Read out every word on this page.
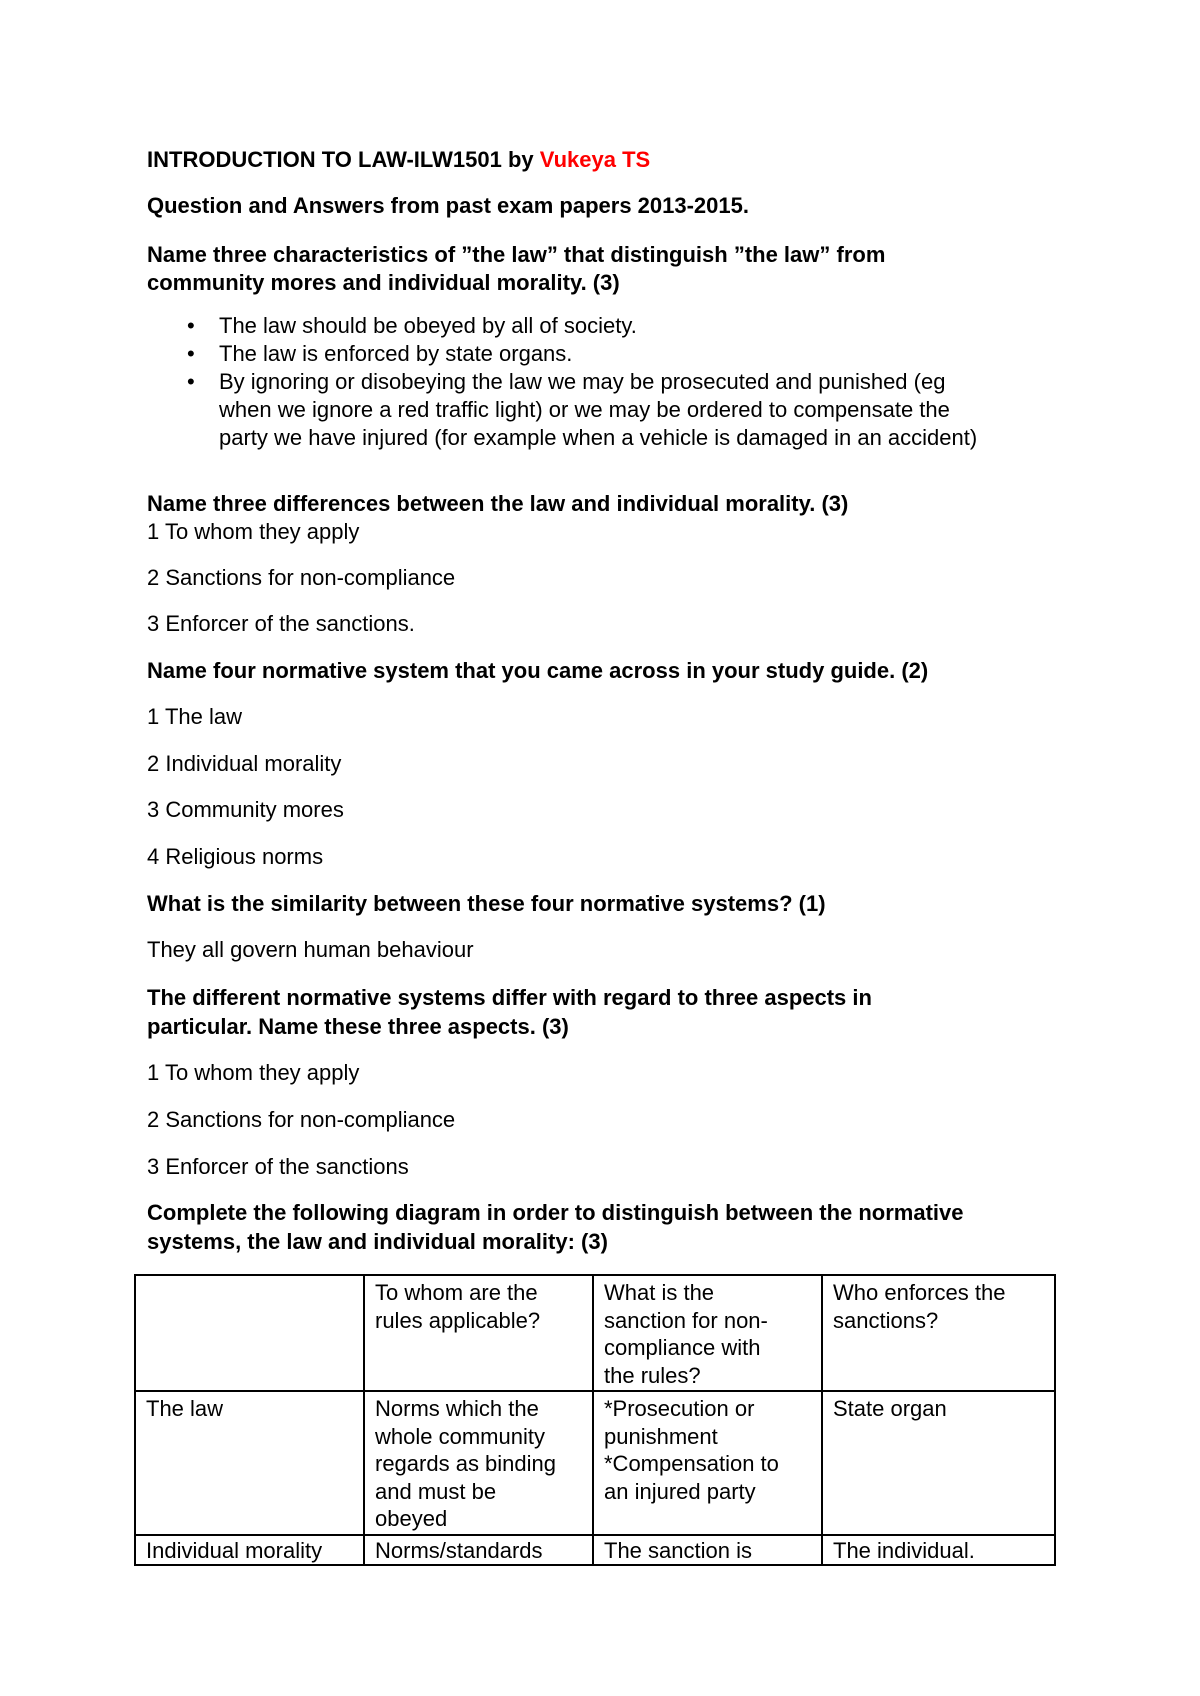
INTRODUCTION TO LAW-ILW1501 by Vukeya TS
Question and Answers from past exam papers 2013-2015.
Name three characteristics of ”the law” that distinguish ”the law” from
community mores and individual morality. (3)
• The law should be obeyed by all of society.
• The law is enforced by state organs.
• By ignoring or disobeying the law we may be prosecuted and punished (eg
when we ignore a red traffic light) or we may be ordered to compensate the
party we have injured (for example when a vehicle is damaged in an accident)
Name three differences between the law and individual morality. (3)
1 To whom they apply
2 Sanctions for non-compliance
3 Enforcer of the sanctions.
Name four normative system that you came across in your study guide. (2)
1 The law
2 Individual morality
3 Community mores
4 Religious norms
What is the similarity between these four normative systems? (1)
They all govern human behaviour
The different normative systems differ with regard to three aspects in
particular. Name these three aspects. (3)
1 To whom they apply
2 Sanctions for non-compliance
3 Enforcer of the sanctions
Complete the following diagram in order to distinguish between the normative
systems, the law and individual morality: (3)

	To whom are the
rules applicable?	What is the
sanction for non-
compliance with
the rules?	Who enforces the
sanctions?

The law	Norms which the
whole community
regards as binding
and must be
obeyed	*Prosecution or
punishment
*Compensation to
an injured party	State organ

Individual morality	Norms/standards	The sanction is	The individual.
